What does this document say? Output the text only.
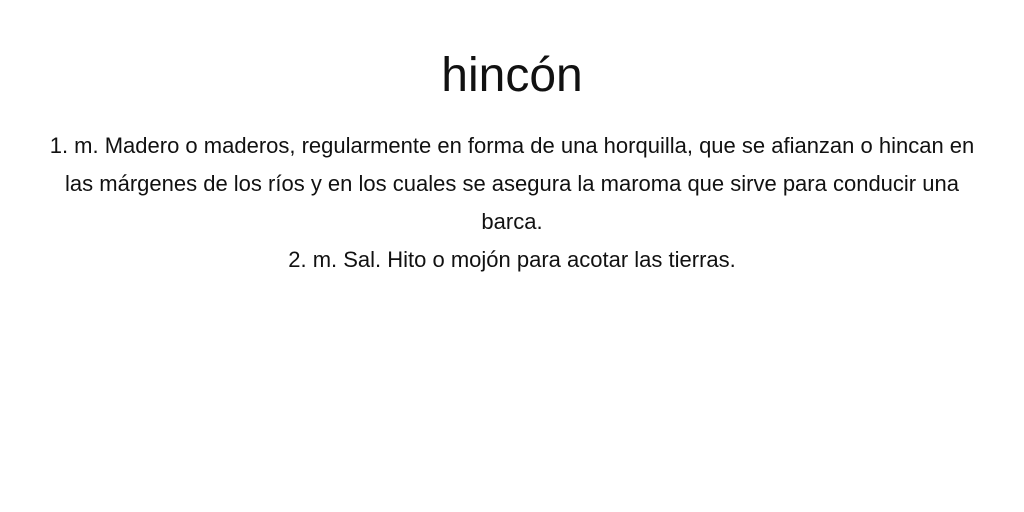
hincón

1. m. Madero o maderos, regularmente en forma de una horquilla, que se afianzan o hincan en las márgenes de los ríos y en los cuales se asegura la maroma que sirve para conducir una barca.

2. m. Sal. Hito o mojón para acotar las tierras.
